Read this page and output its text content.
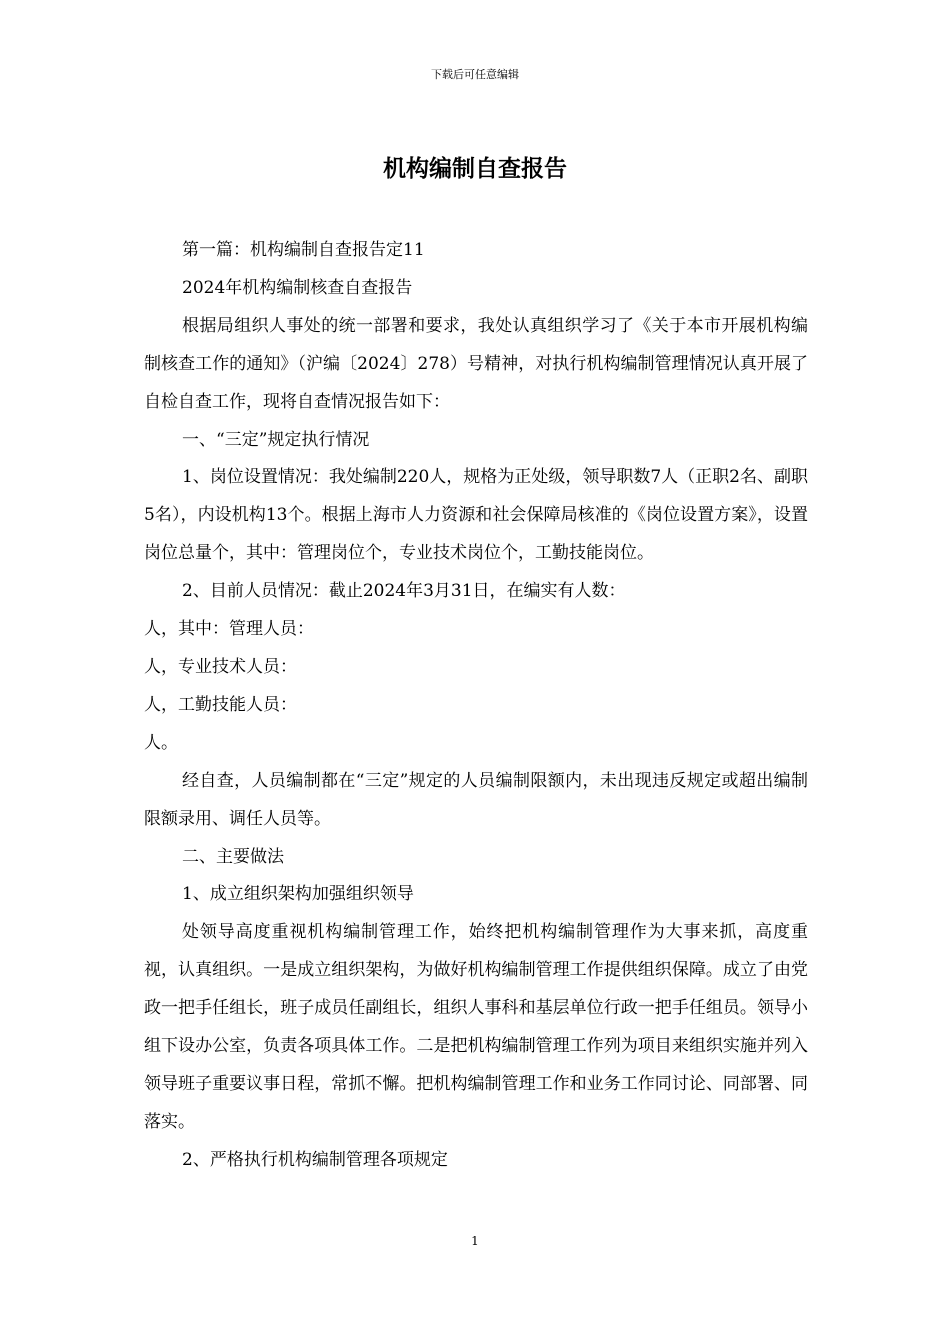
下载后可任意编辑
机构编制自查报告

第一篇：机构编制自查报告定11

2024年机构编制核查自查报告

根据局组织人事处的统一部署和要求，我处认真组织学习了《关于本市开展机构编制核查工作的通知》（沪编〔2024〕278）号精神，对执行机构编制管理情况认真开展了自检自查工作，现将自查情况报告如下：

一、“三定”规定执行情况

1、岗位设置情况：我处编制220人，规格为正处级，领导职数7人（正职2名、副职5名），内设机构13个。根据上海市人力资源和社会保障局核准的《岗位设置方案》，设置岗位总量个，其中：管理岗位个，专业技术岗位个，工勤技能岗位。

2、目前人员情况：截止2024年3月31日，在编实有人数：

人，其中：管理人员：

人，专业技术人员：

人，工勤技能人员：

人。

经自查，人员编制都在“三定”规定的人员编制限额内，未出现违反规定或超出编制限额录用、调任人员等。

二、主要做法

1、成立组织架构加强组织领导

处领导高度重视机构编制管理工作，始终把机构编制管理作为大事来抓，高度重视，认真组织。一是成立组织架构，为做好机构编制管理工作提供组织保障。成立了由党政一把手任组长，班子成员任副组长，组织人事科和基层单位行政一把手任组员。领导小组下设办公室，负责各项具体工作。二是把机构编制管理工作列为项目来组织实施并列入领导班子重要议事日程，常抓不懈。把机构编制管理工作和业务工作同讨论、同部署、同落实。

2、严格执行机构编制管理各项规定

1
